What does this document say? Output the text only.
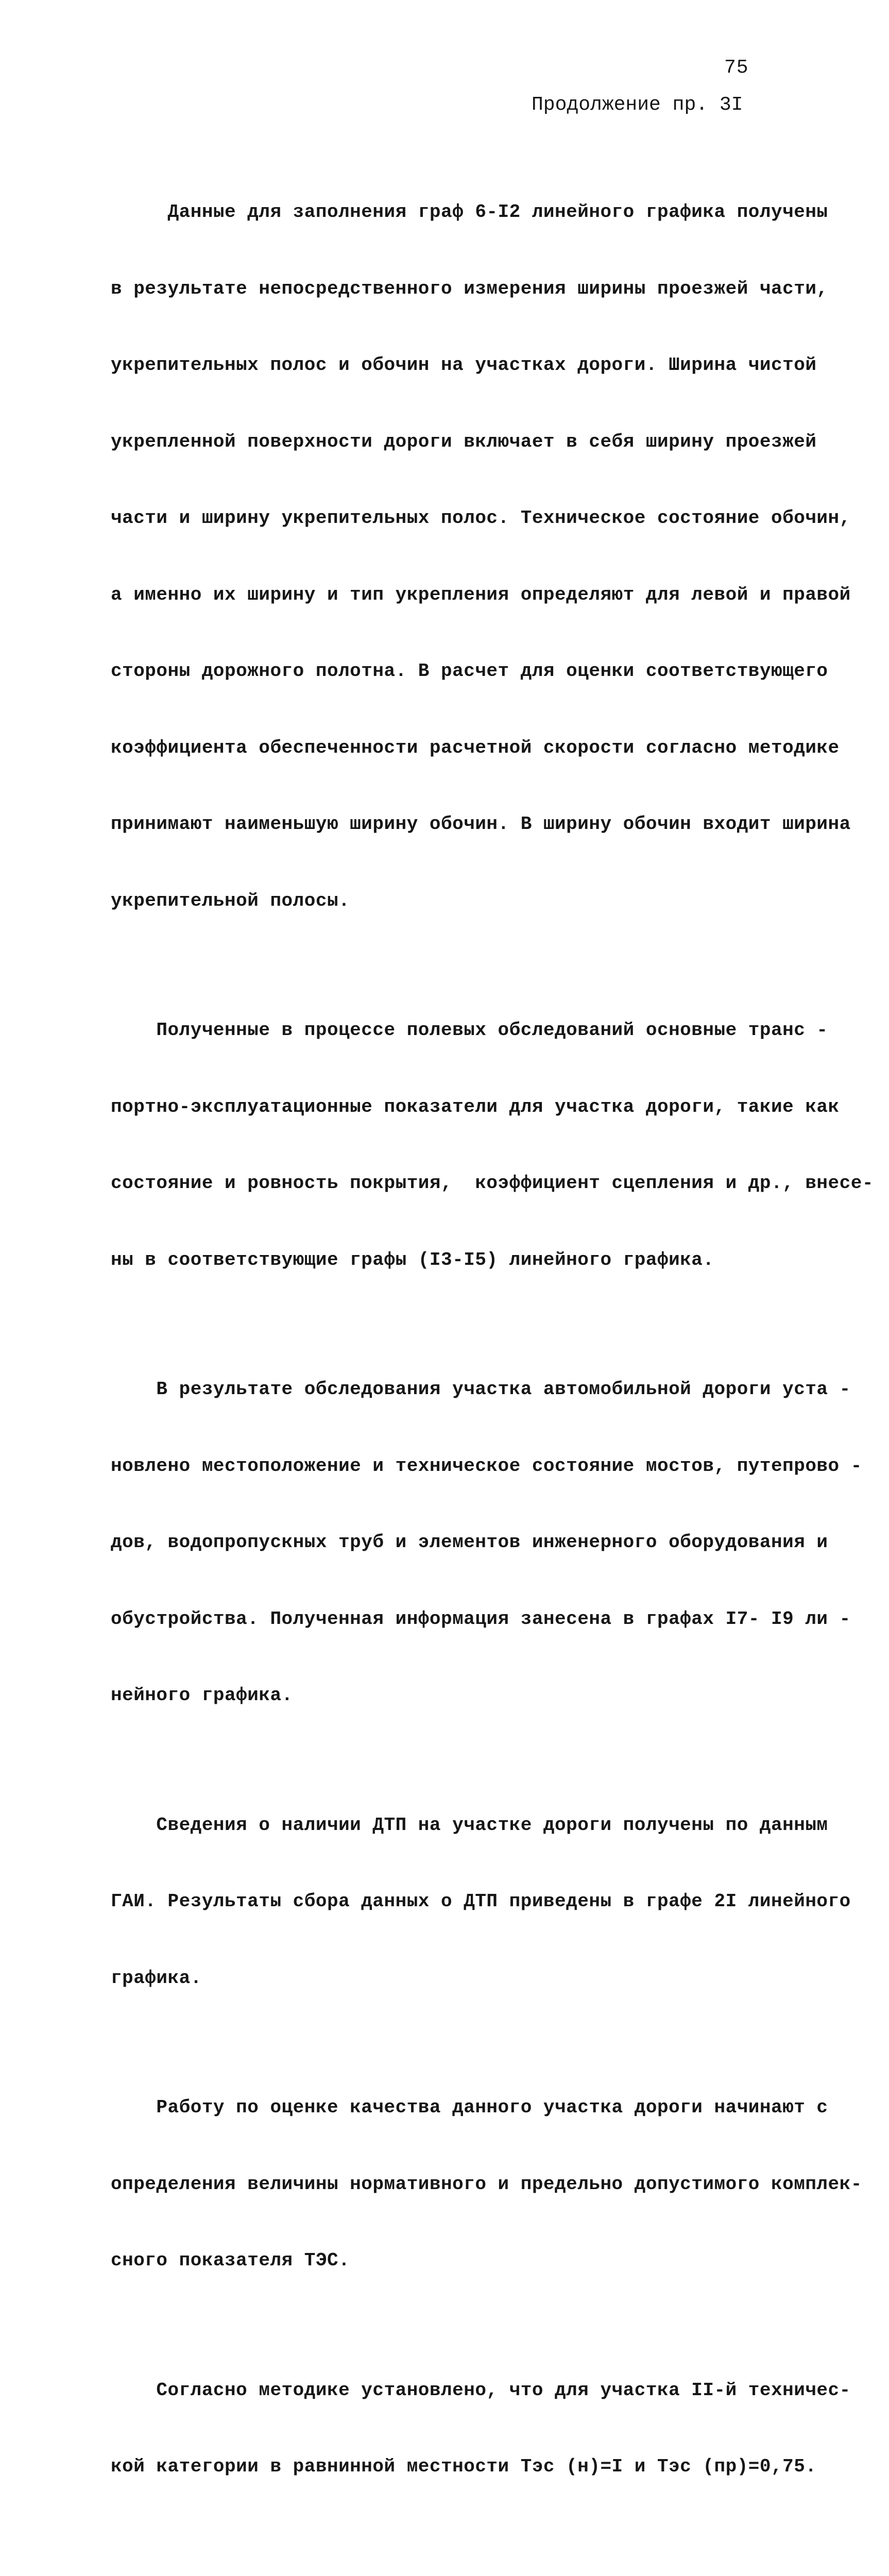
75
Продолжение пр. 3I

Данные для заполнения граф 6-I2 линейного графика получены

в результате непосредственного измерения ширины проезжей части,

укрепительных полос и обочин на участках дороги. Ширина чистой

укрепленной поверхности дороги включает в себя ширину проезжей

части и ширину укрепительных полос. Техническое состояние обочин,

а именно их ширину и тип укрепления определяют для левой и правой

стороны дорожного полотна. В расчет для оценки соответствующего

коэффициента обеспеченности расчетной скорости согласно методике

принимают наименьшую ширину обочин. В ширину обочин входит ширина

укрепительной полосы.

Полученные в процессе полевых обследований основные транс -

портно-эксплуатационные показатели для участка дороги, такие как

состояние и ровность покрытия,  коэффициент сцепления и др., внесе-

ны в соответствующие графы (I3-I5) линейного графика.

В результате обследования участка автомобильной дороги уста -

новлено местоположение и техническое состояние мостов, путепрово -

дов, водопропускных труб и элементов инженерного оборудования и

обустройства. Полученная информация занесена в графах I7- I9 ли -

нейного графика.

Сведения о наличии ДТП на участке дороги получены по данным

ГАИ. Результаты сбора данных о ДТП приведены в графе 2I линейного

графика.

Работу по оценке качества данного участка дороги начинают с

определения величины нормативного и предельно допустимого комплек-

сного показателя ТЭС.

Согласно методике установлено, что для участка II-й техничес-

кой категории в равнинной местности Тэс (н)=I и Тэс (пр)=0,75.
